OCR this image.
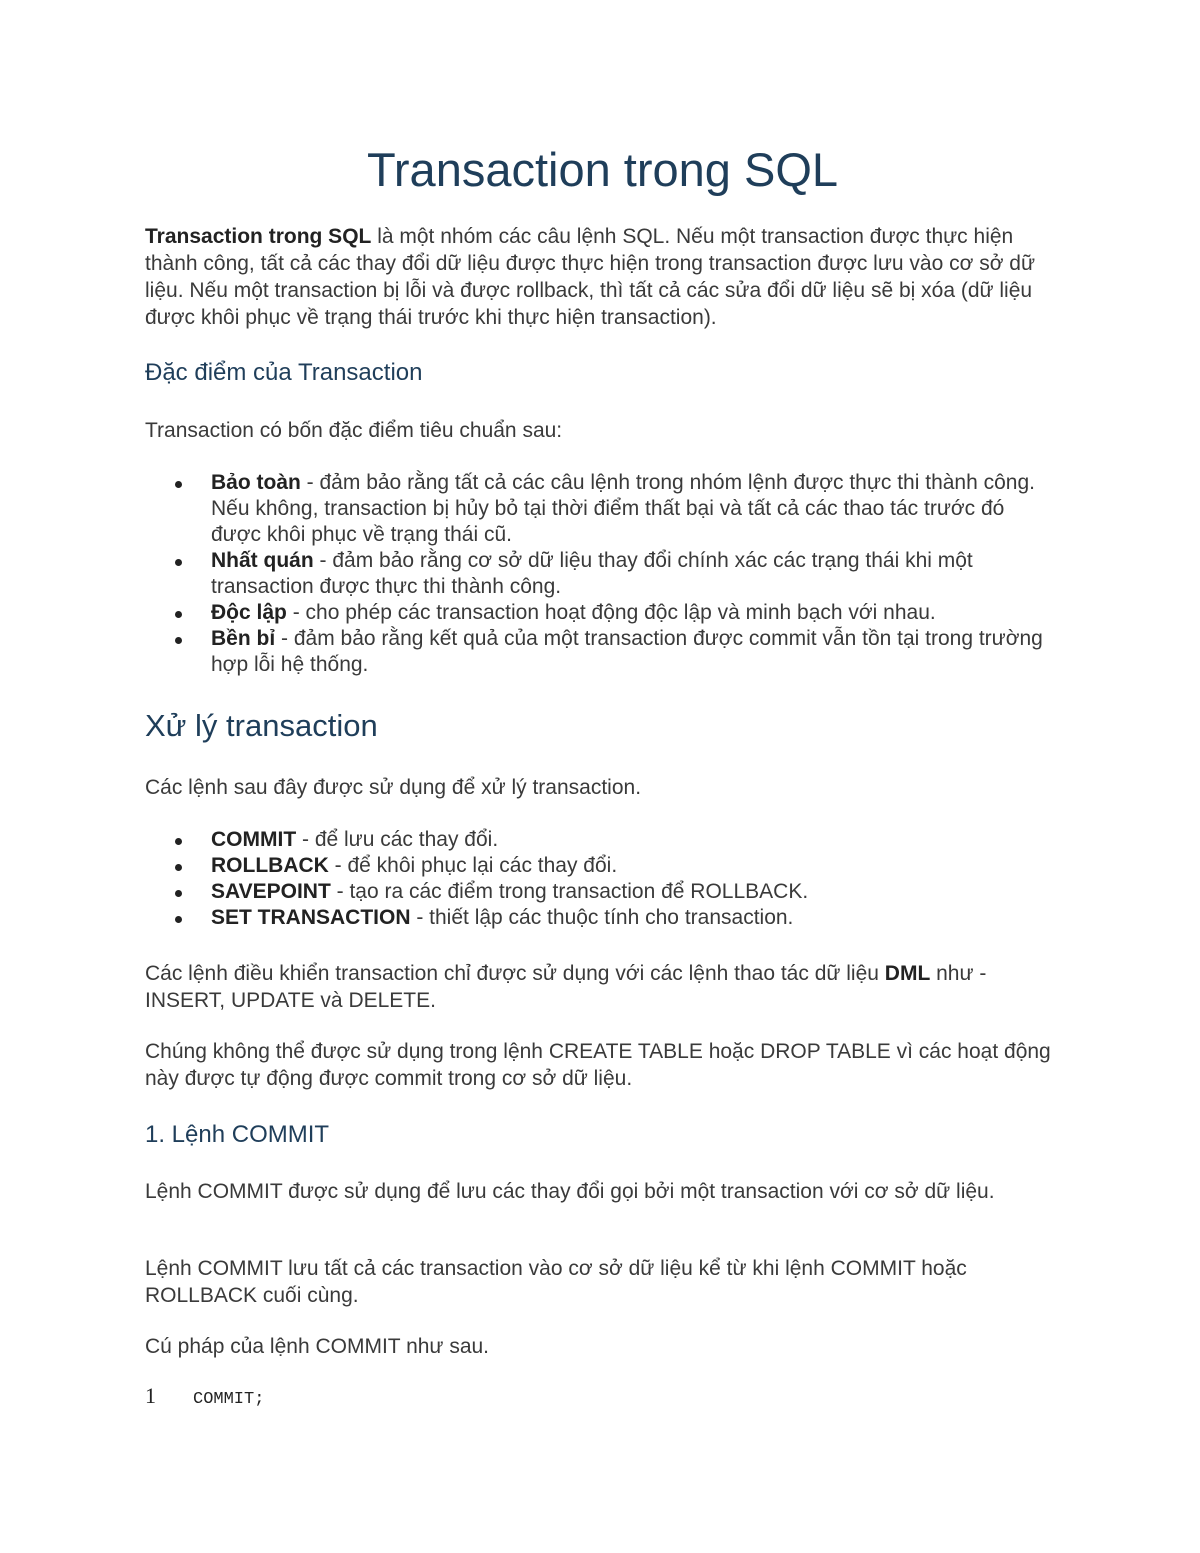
Transaction trong SQL

Transaction trong SQL là một nhóm các câu lệnh SQL. Nếu một transaction được thực hiện thành công, tất cả các thay đổi dữ liệu được thực hiện trong transaction được lưu vào cơ sở dữ liệu. Nếu một transaction bị lỗi và được rollback, thì tất cả các sửa đổi dữ liệu sẽ bị xóa (dữ liệu được khôi phục về trạng thái trước khi thực hiện transaction).

Đặc điểm của Transaction

Transaction có bốn đặc điểm tiêu chuẩn sau:

Bảo toàn - đảm bảo rằng tất cả các câu lệnh trong nhóm lệnh được thực thi thành công. Nếu không, transaction bị hủy bỏ tại thời điểm thất bại và tất cả các thao tác trước đó được khôi phục về trạng thái cũ.
Nhất quán - đảm bảo rằng cơ sở dữ liệu thay đổi chính xác các trạng thái khi một transaction được thực thi thành công.
Độc lập - cho phép các transaction hoạt động độc lập và minh bạch với nhau.
Bền bỉ - đảm bảo rằng kết quả của một transaction được commit vẫn tồn tại trong trường hợp lỗi hệ thống.
Xử lý transaction

Các lệnh sau đây được sử dụng để xử lý transaction.

COMMIT - để lưu các thay đổi.
ROLLBACK - để khôi phục lại các thay đổi.
SAVEPOINT - tạo ra các điểm trong transaction để ROLLBACK.
SET TRANSACTION - thiết lập các thuộc tính cho transaction.

Các lệnh điều khiển transaction chỉ được sử dụng với các lệnh thao tác dữ liệu DML như - INSERT, UPDATE và DELETE.

Chúng không thể được sử dụng trong lệnh CREATE TABLE hoặc DROP TABLE vì các hoạt động này được tự động được commit trong cơ sở dữ liệu.

1. Lệnh COMMIT

Lệnh COMMIT được sử dụng để lưu các thay đổi gọi bởi một transaction với cơ sở dữ liệu.

Lệnh COMMIT lưu tất cả các transaction vào cơ sở dữ liệu kể từ khi lệnh COMMIT hoặc ROLLBACK cuối cùng.

Cú pháp của lệnh COMMIT như sau.

1 COMMIT;
